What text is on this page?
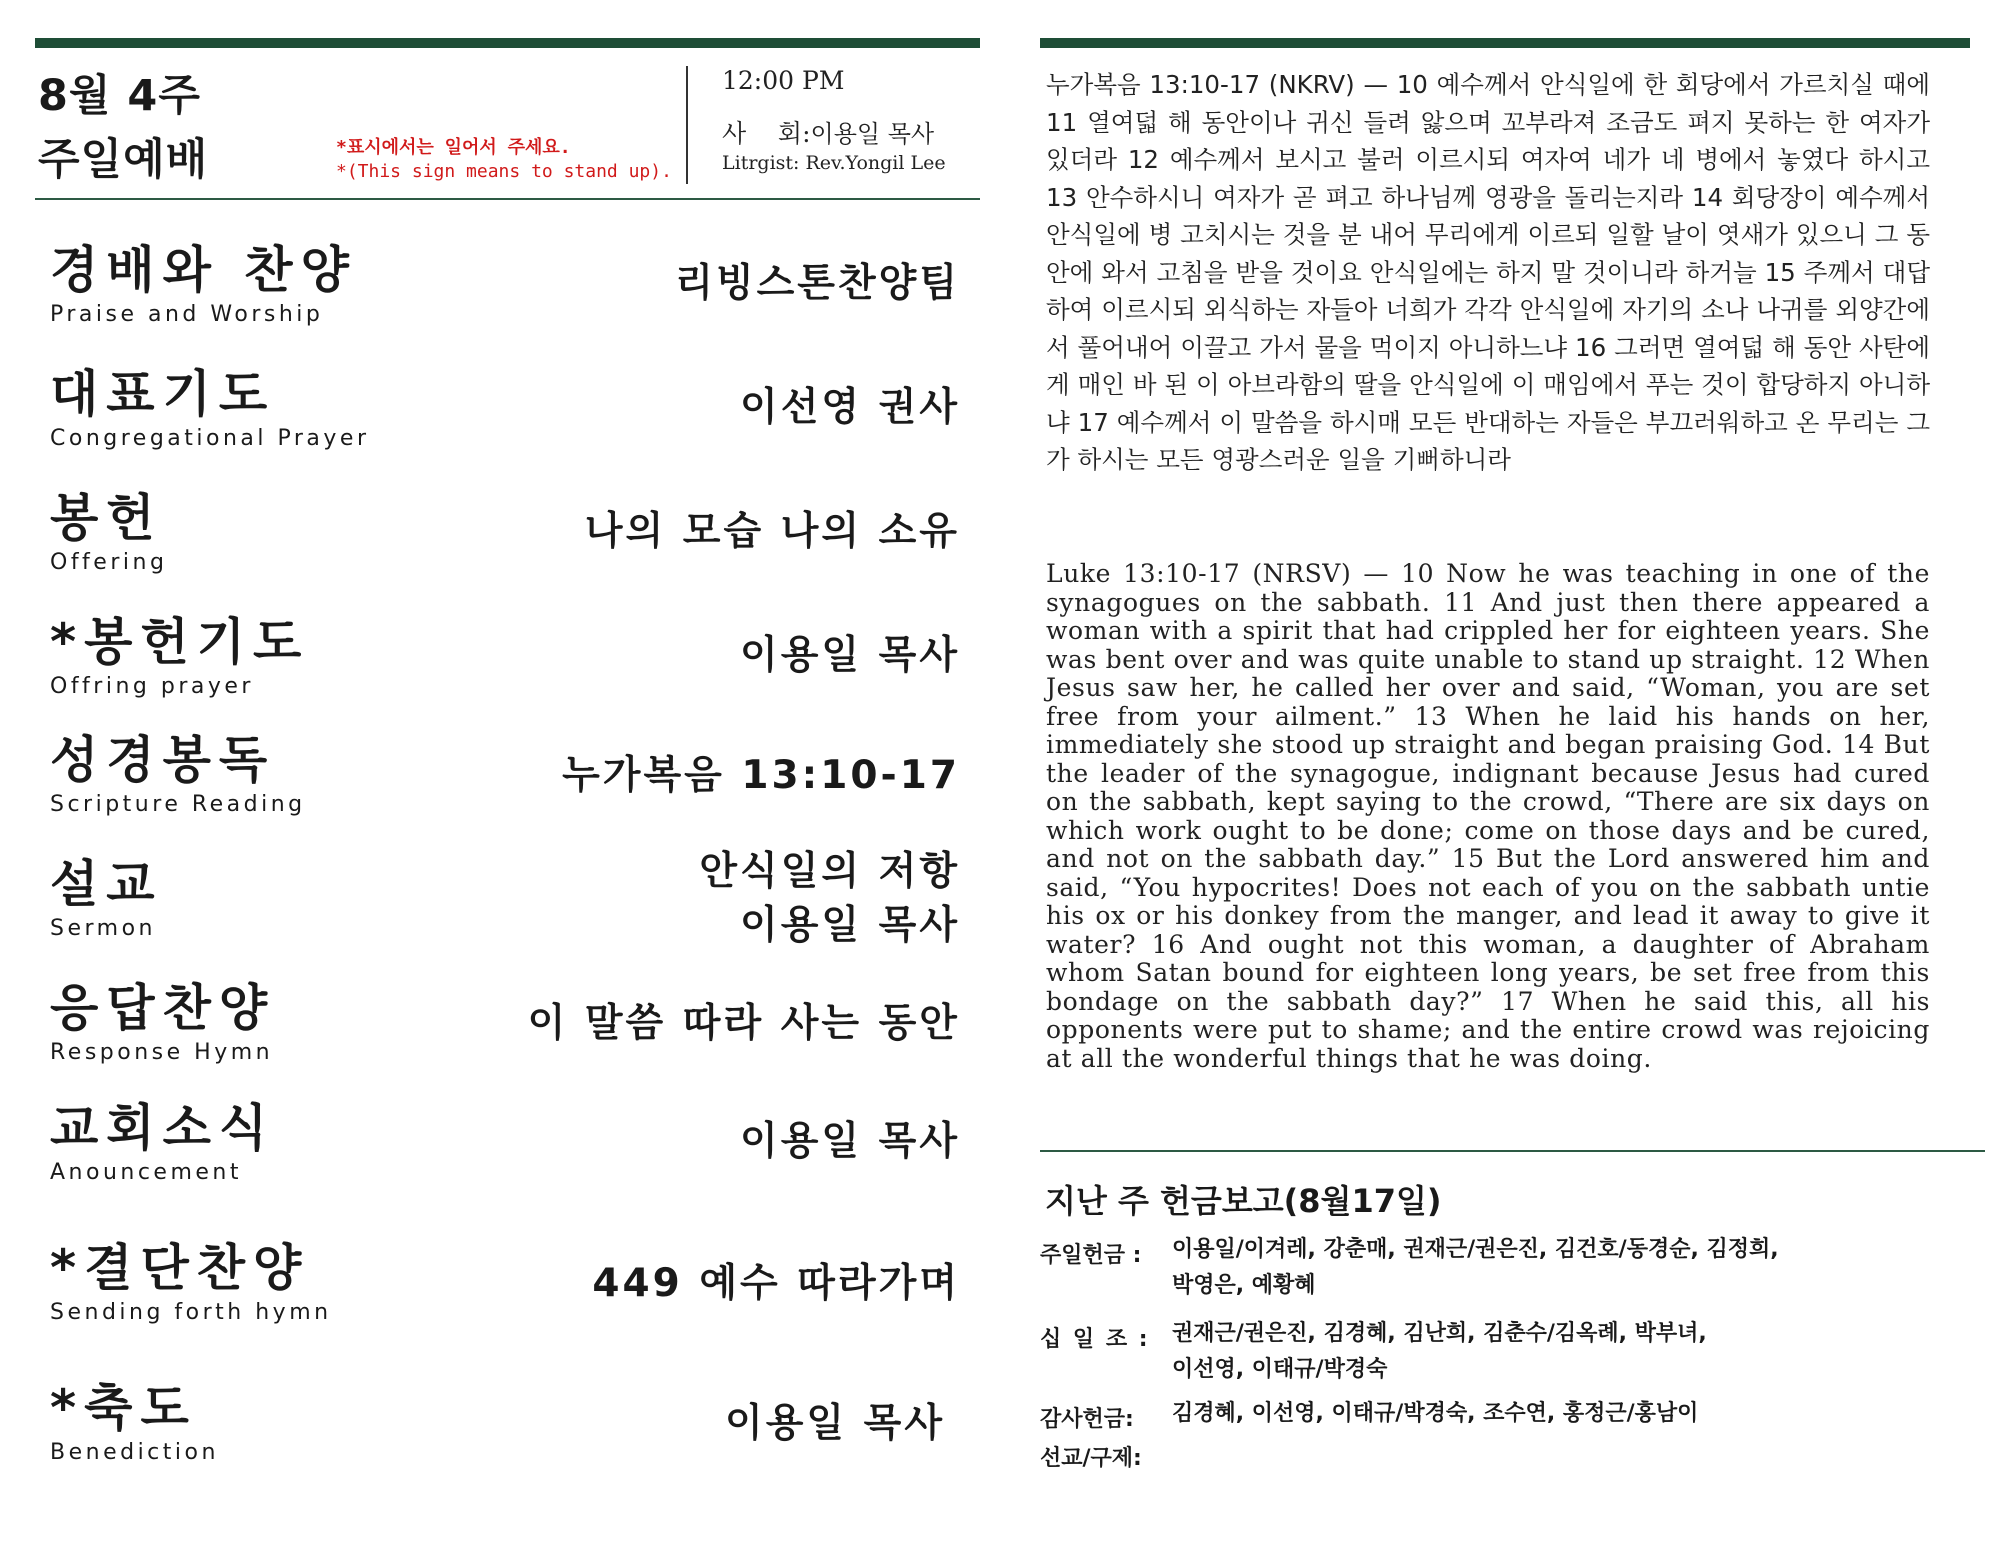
8월 4주
주일예배	*표시에서는 일어서 주세요.
*(This sign means to stand up).
12:00 PM
사    회:이용일 목사
Litrgist: Rev.Yongil Lee
경배와 찬양
Praise and Worship
리빙스톤찬양팀
대표기도
Congregational Prayer
이선영 권사
봉헌
Offering
나의 모습 나의 소유
*봉헌기도
Offring prayer
이용일 목사
성경봉독
Scripture Reading
누가복음 13:10-17
설교
Sermon
안식일의 저항
이용일 목사
응답찬양
Response Hymn
이 말씀 따라 사는 동안
교회소식
Anouncement
이용일 목사
*결단찬양
Sending forth hymn
449 예수 따라가며
*축도
Benediction
이용일 목사
누가복음 13:10-17 (NKRV) — 10 예수께서 안식일에 한 회당에서 가르치실 때에 11 열여덟 해 동안이나 귀신 들려 앓으며 꼬부라져 조금도 펴지 못하는 한 여자가 있더라 12 예수께서 보시고 불러 이르시되 여자여 네가 네 병에서 놓였다 하시고 13 안수하시니 여자가 곧 펴고 하나님께 영광을 돌리는지라 14 회당장이 예수께서 안식일에 병 고치시는 것을 분 내어 무리에게 이르되 일할 날이 엿새가 있으니 그 동안에 와서 고침을 받을 것이요 안식일에는 하지 말 것이니라 하거늘 15 주께서 대답하여 이르시되 외식하는 자들아 너희가 각각 안식일에 자기의 소나 나귀를 외양간에서 풀어내어 이끌고 가서 물을 먹이지 아니하느냐 16 그러면 열여덟 해 동안 사탄에게 매인 바 된 이 아브라함의 딸을 안식일에 이 매임에서 푸는 것이 합당하지 아니하냐 17 예수께서 이 말씀을 하시매 모든 반대하는 자들은 부끄러워하고 온 무리는 그가 하시는 모든 영광스러운 일을 기뻐하니라
Luke 13:10-17 (NRSV) — 10 Now he was teaching in one of the synagogues on the sabbath. 11 And just then there appeared a woman with a spirit that had crippled her for eighteen years. She was bent over and was quite unable to stand up straight. 12 When Jesus saw her, he called her over and said, “Woman, you are set free from your ailment.” 13 When he laid his hands on her, immediately she stood up straight and began praising God. 14 But the leader of the synagogue, indignant because Jesus had cured on the sabbath, kept saying to the crowd, “There are six days on which work ought to be done; come on those days and be cured, and not on the sabbath day.” 15 But the Lord answered him and said, “You hypocrites! Does not each of you on the sabbath untie his ox or his donkey from the manger, and lead it away to give it water? 16 And ought not this woman, a daughter of Abraham whom Satan bound for eighteen long years, be set free from this bondage on the sabbath day?” 17 When he said this, all his opponents were put to shame; and the entire crowd was rejoicing at all the wonderful things that he was doing.
지난 주 헌금보고(8월17일)
주일헌금 : 이용일/이겨레, 강춘매, 권재근/권은진, 김건호/동경순, 김정희,
박영은, 예황혜
십 일 조 : 권재근/권은진, 김경혜, 김난희, 김춘수/김옥례, 박부녀,
이선영, 이태규/박경숙
감사헌금: 김경혜, 이선영, 이태규/박경숙, 조수연, 홍정근/홍남이
선교/구제:
